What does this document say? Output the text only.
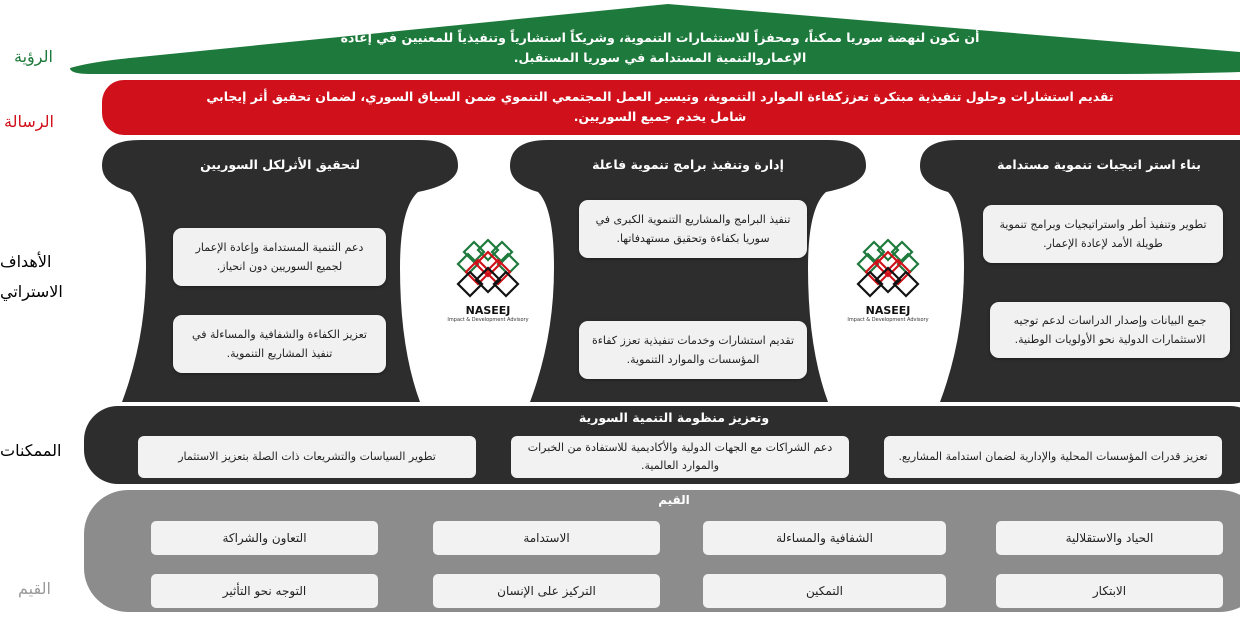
أن نكون لنهضة سوريا ممكناً، ومحفزاً للاستثمارات التنموية، وشريكاً استشارياً وتنفيذياً للمعنيين في إعادة الإعماروالتنمية المستدامة في سوريا المستقبل.
الرؤية
تقديم استشارات وحلول تنفيذية مبتكرة تعززكفاءة الموارد التنموية، وتيسير العمل المجتمعي التنموي ضمن السياق السوري، لضمان تحقيق أثر إيجابي شامل يخدم جميع السوريين.
الرسالة
الأهداف
الاستراتي
بناء استر اتيجيات تنموية مستدامة
تطوير وتنفيذ أطر واستراتيجيات وبرامج تنموية طويلة الأمد لإعادة الإعمار.
جمع البيانات وإصدار الدراسات لدعم توجيه الاستثمارات الدولية نحو الأولويات الوطنية.
إدارة وتنفيذ برامج تنموية فاعلة
تنفيذ البرامج والمشاريع التنموية الكبرى في سوريا بكفاءة وتحقيق مستهدفاتها.
تقديم استشارات وخدمات تنفيذية تعزز كفاءة المؤسسات والموارد التنموية.
لتحقيق الأثرلكل السوريين
دعم التنمية المستدامة وإعادة الإعمار لجميع السوريين دون انحياز.
تعزيز الكفاءة والشفافية والمساءلة في تنفيذ المشاريع التنموية.
NASEEJ
Impact & Development Advisory
NASEEJ
Impact & Development Advisory
وتعزيز منظومة التنمية السورية
الممكنات	تعزيز قدرات المؤسسات المحلية والإدارية لضمان استدامة المشاريع.
دعم الشراكات مع الجهات الدولية والأكاديمية للاستفادة من الخبرات والموارد العالمية.
تطوير السياسات والتشريعات ذات الصلة بتعزيز الاستثمار
القيم
القيم
الحياد والاستقلالية
الشفافية والمساءلة
الاستدامة
التعاون والشراكة
الابتكار
التمكين
التركيز على الإنسان
التوجه نحو التأثير
